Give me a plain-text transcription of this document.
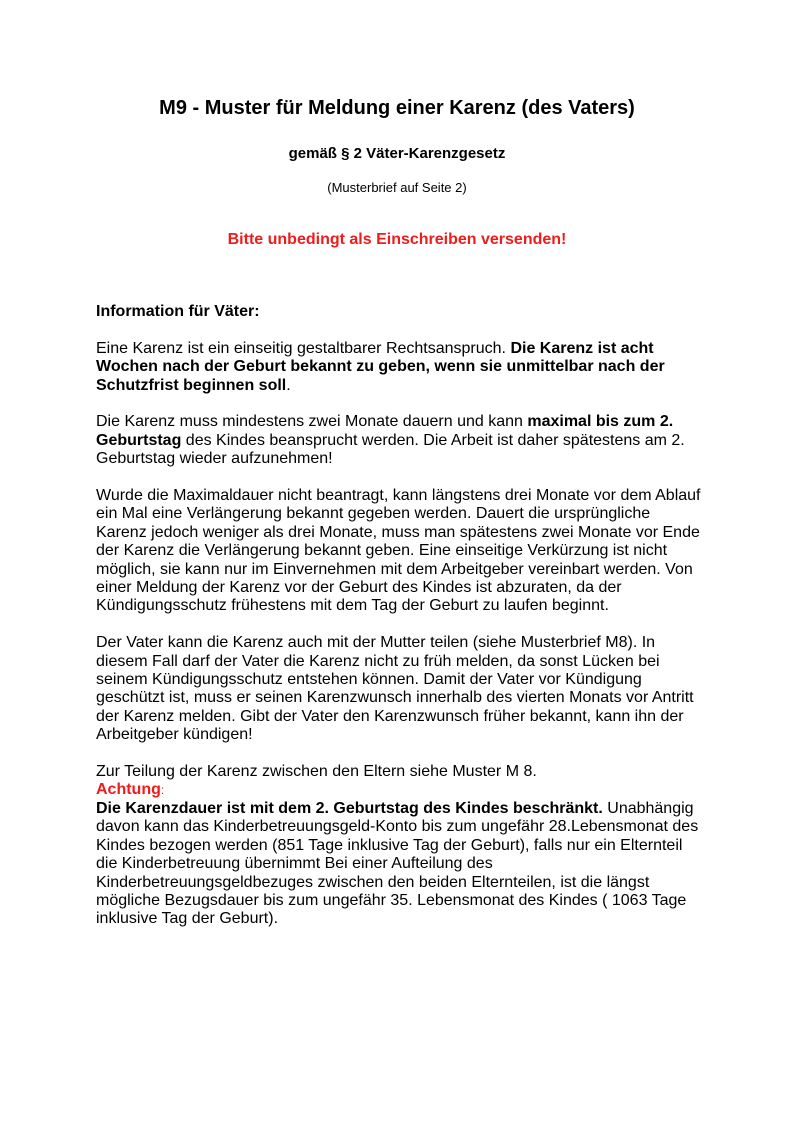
M9 - Muster für Meldung einer Karenz (des Vaters)
gemäß § 2 Väter-Karenzgesetz
(Musterbrief auf Seite 2)
Bitte unbedingt als Einschreiben versenden!

Information für Väter:

Eine Karenz ist ein einseitig gestaltbarer Rechtsanspruch. Die Karenz ist acht Wochen nach der Geburt bekannt zu geben, wenn sie unmittelbar nach der Schutzfrist beginnen soll.

Die Karenz muss mindestens zwei Monate dauern und kann maximal bis zum 2. Geburtstag des Kindes beansprucht werden. Die Arbeit ist daher spätestens am 2. Geburtstag wieder aufzunehmen!

Wurde die Maximaldauer nicht beantragt, kann längstens drei Monate vor dem Ablauf ein Mal eine Verlängerung bekannt gegeben werden. Dauert die ursprüngliche Karenz jedoch weniger als drei Monate, muss man spätestens zwei Monate vor Ende der Karenz die Verlängerung bekannt geben. Eine einseitige Verkürzung ist nicht möglich, sie kann nur im Einvernehmen mit dem Arbeitgeber vereinbart werden. Von einer Meldung der Karenz vor der Geburt des Kindes ist abzuraten, da der Kündigungsschutz frühestens mit dem Tag der Geburt zu laufen beginnt.

Der Vater kann die Karenz auch mit der Mutter teilen (siehe Musterbrief M8). In diesem Fall darf der Vater die Karenz nicht zu früh melden, da sonst Lücken bei seinem Kündigungsschutz entstehen können. Damit der Vater vor Kündigung geschützt ist, muss er seinen Karenzwunsch innerhalb des vierten Monats vor Antritt der Karenz melden. Gibt der Vater den Karenzwunsch früher bekannt, kann ihn der Arbeitgeber kündigen!

Zur Teilung der Karenz zwischen den Eltern siehe Muster M 8.

Achtung:

Die Karenzdauer ist mit dem 2. Geburtstag des Kindes beschränkt. Unabhängig davon kann das Kinderbetreuungsgeld-Konto bis zum ungefähr 28.Lebensmonat des Kindes bezogen werden (851 Tage inklusive Tag der Geburt), falls nur ein Elternteil die Kinderbetreuung übernimmt Bei einer Aufteilung des Kinderbetreuungsgeldbezuges zwischen den beiden Elternteilen, ist die längst mögliche Bezugsdauer bis zum ungefähr 35. Lebensmonat des Kindes ( 1063 Tage inklusive Tag der Geburt).
